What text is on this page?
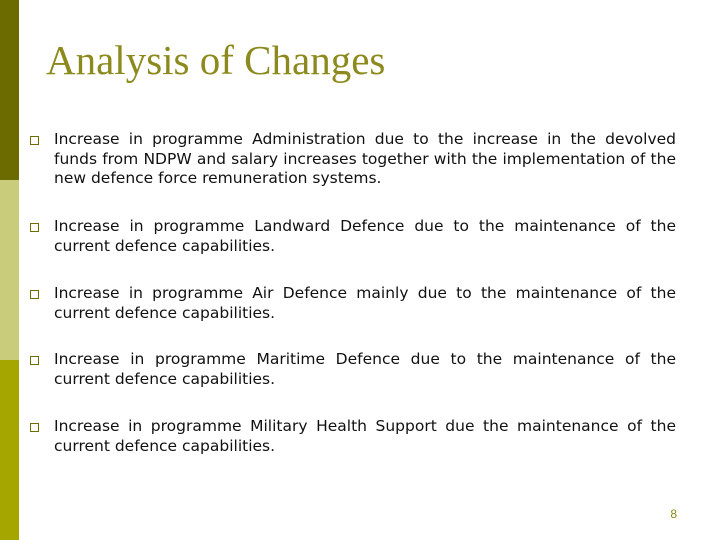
Analysis of Changes

Increase in programme Administration due to the increase in the devolved funds from NDPW and salary increases together with the implementation of the new defence force remuneration systems.

Increase in programme Landward Defence due to the maintenance of the current defence capabilities.

Increase in programme Air Defence mainly due to the maintenance of the current defence capabilities.

Increase in programme Maritime Defence due to the maintenance of the current defence capabilities.

Increase in programme Military Health Support due the maintenance of the current defence capabilities.

8
